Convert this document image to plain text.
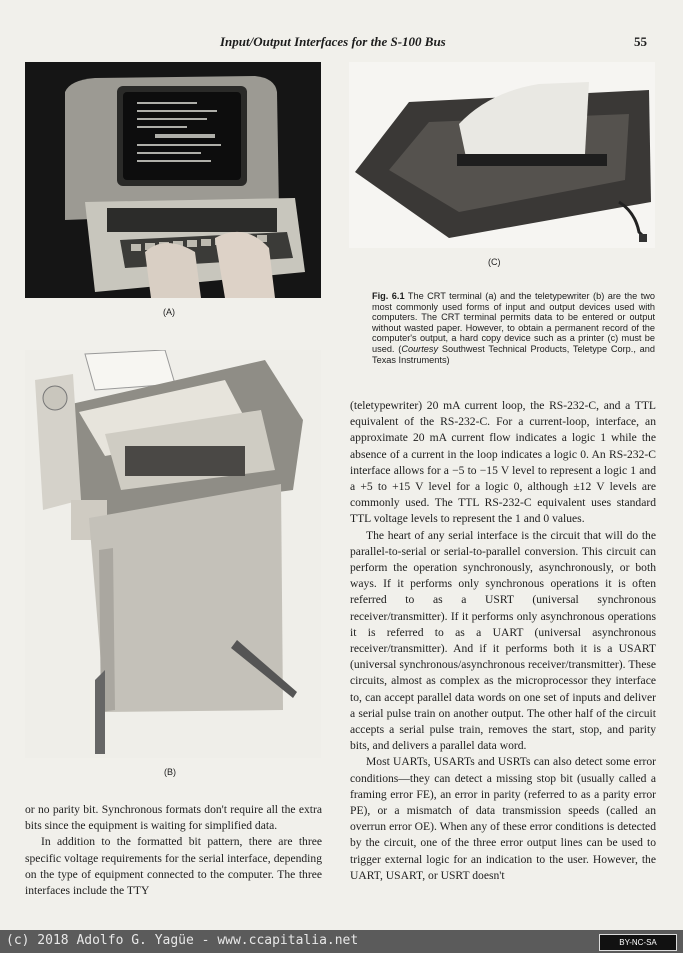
Input/Output Interfaces for the S-100 Bus	55
(A)
(C)
Fig. 6.1 The CRT terminal (a) and the teletypewriter (b) are the two most commonly used forms of input and output devices used with computers. The CRT terminal permits data to be entered or output without wasted paper. However, to obtain a permanent record of the computer's output, a hard copy device such as a printer (c) must be used. (Courtesy Southwest Technical Products, Teletype Corp., and Texas Instruments)
(B)

or no parity bit. Synchronous formats don't require all the extra bits since the equipment is waiting for simplified data.

In addition to the formatted bit pattern, there are three specific voltage requirements for the serial interface, depending on the type of equipment connected to the computer. The three interfaces include the TTY

(teletypewriter) 20 mA current loop, the RS-232-C, and a TTL equivalent of the RS-232-C. For a current-loop, interface, an approximate 20 mA current flow indicates a logic 1 while the absence of a current in the loop indicates a logic 0. An RS-232-C interface allows for a −5 to −15 V level to represent a logic 1 and a +5 to +15 V level for a logic 0, although ±12 V levels are commonly used. The TTL RS-232-C equivalent uses standard TTL voltage levels to represent the 1 and 0 values.

The heart of any serial interface is the circuit that will do the parallel-to-serial or serial-to-parallel conversion. This circuit can perform the operation synchronously, asynchronously, or both ways. If it performs only synchronous operations it is often referred to as a USRT (universal synchronous receiver/transmitter). If it performs only asynchronous operations it is referred to as a UART (universal asynchronous receiver/transmitter). And if it performs both it is a USART (universal synchronous/asynchronous receiver/transmitter). These circuits, almost as complex as the microprocessor they interface to, can accept parallel data words on one set of inputs and deliver a serial pulse train on another output. The other half of the circuit accepts a serial pulse train, removes the start, stop, and parity bits, and delivers a parallel data word.

Most UARTs, USARTs and USRTs can also detect some error conditions—they can detect a missing stop bit (usually called a framing error FE), an error in parity (referred to as a parity error PE), or a mismatch of data transmission speeds (called an overrun error OE). When any of these error conditions is detected by the circuit, one of the three error output lines can be used to trigger external logic for an indication to the user. However, the UART, USART, or USRT doesn't

(c) 2018 Adolfo G. Yagüe - www.ccapitalia.net	BY-NC-SA
